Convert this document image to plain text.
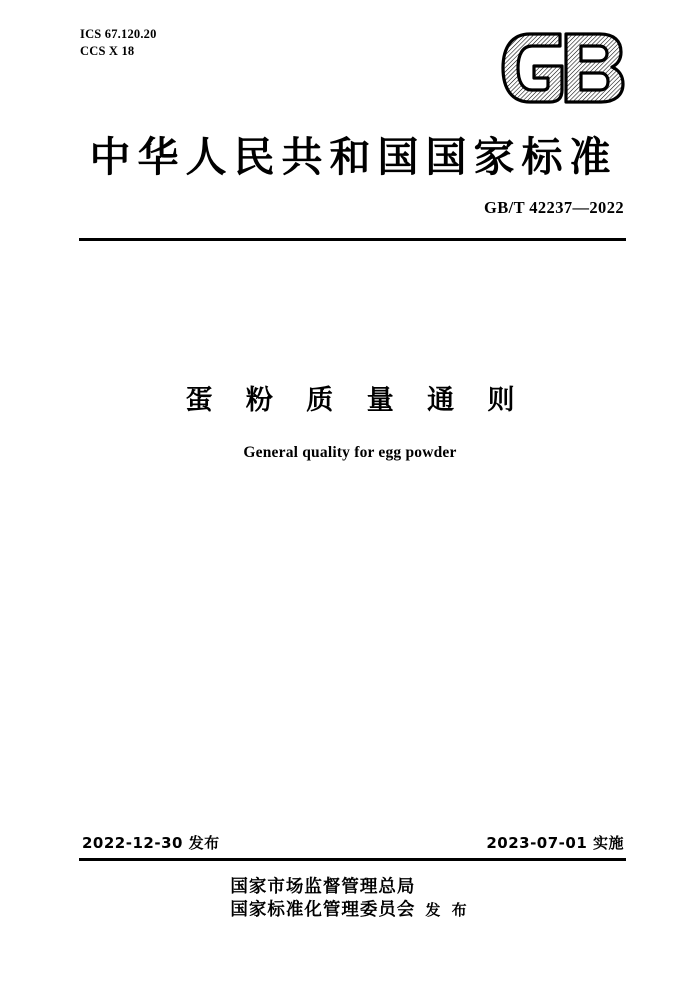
ICS 67.120.20
CCS X 18
中华人民共和国国家标准
GB/T 42237—2022
蛋 粉 质 量 通 则
General quality for egg powder
2022-12-30 发布	2023-07-01 实施
国家市场监督管理总局
国家标准化管理委员会 发 布
